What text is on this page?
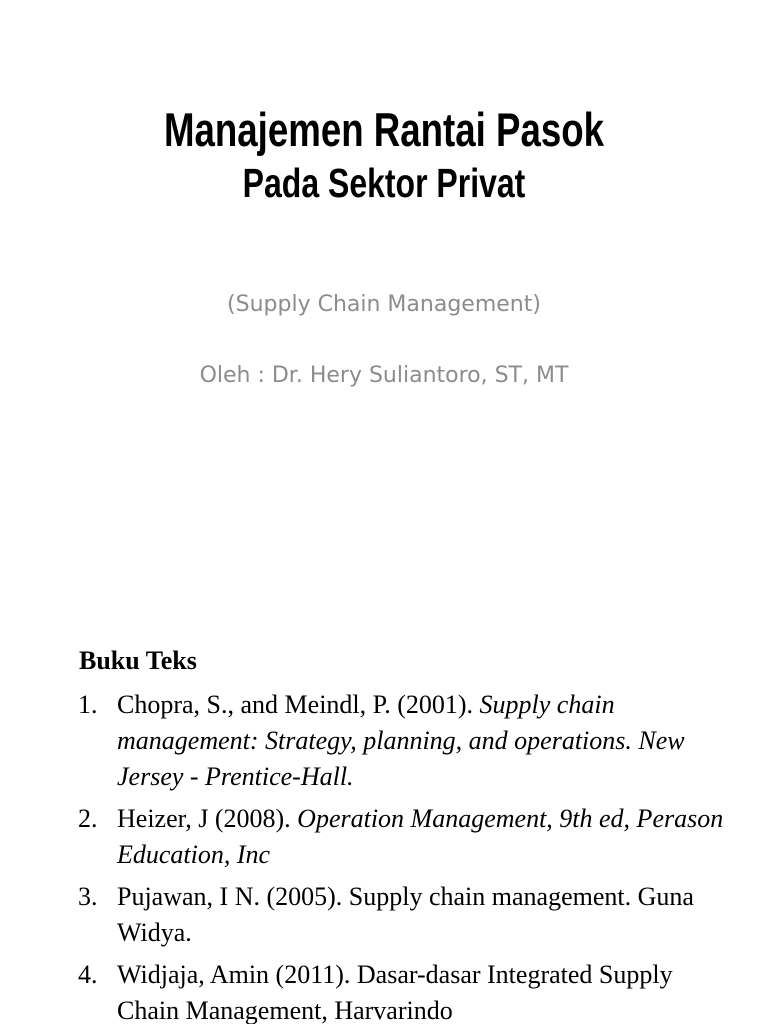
Manajemen Rantai Pasok
Pada Sektor Privat
(Supply Chain Management)
Oleh : Dr. Hery Suliantoro, ST, MT
Buku Teks
1. Chopra, S., and Meindl, P. (2001). Supply chain management: Strategy, planning, and operations. New Jersey - Prentice-Hall.
2. Heizer, J (2008). Operation Management, 9th ed, Perason Education, Inc
3. Pujawan, I N. (2005). Supply chain management. Guna Widya.
4. Widjaja, Amin (2011). Dasar-dasar Integrated Supply Chain Management, Harvarindo
